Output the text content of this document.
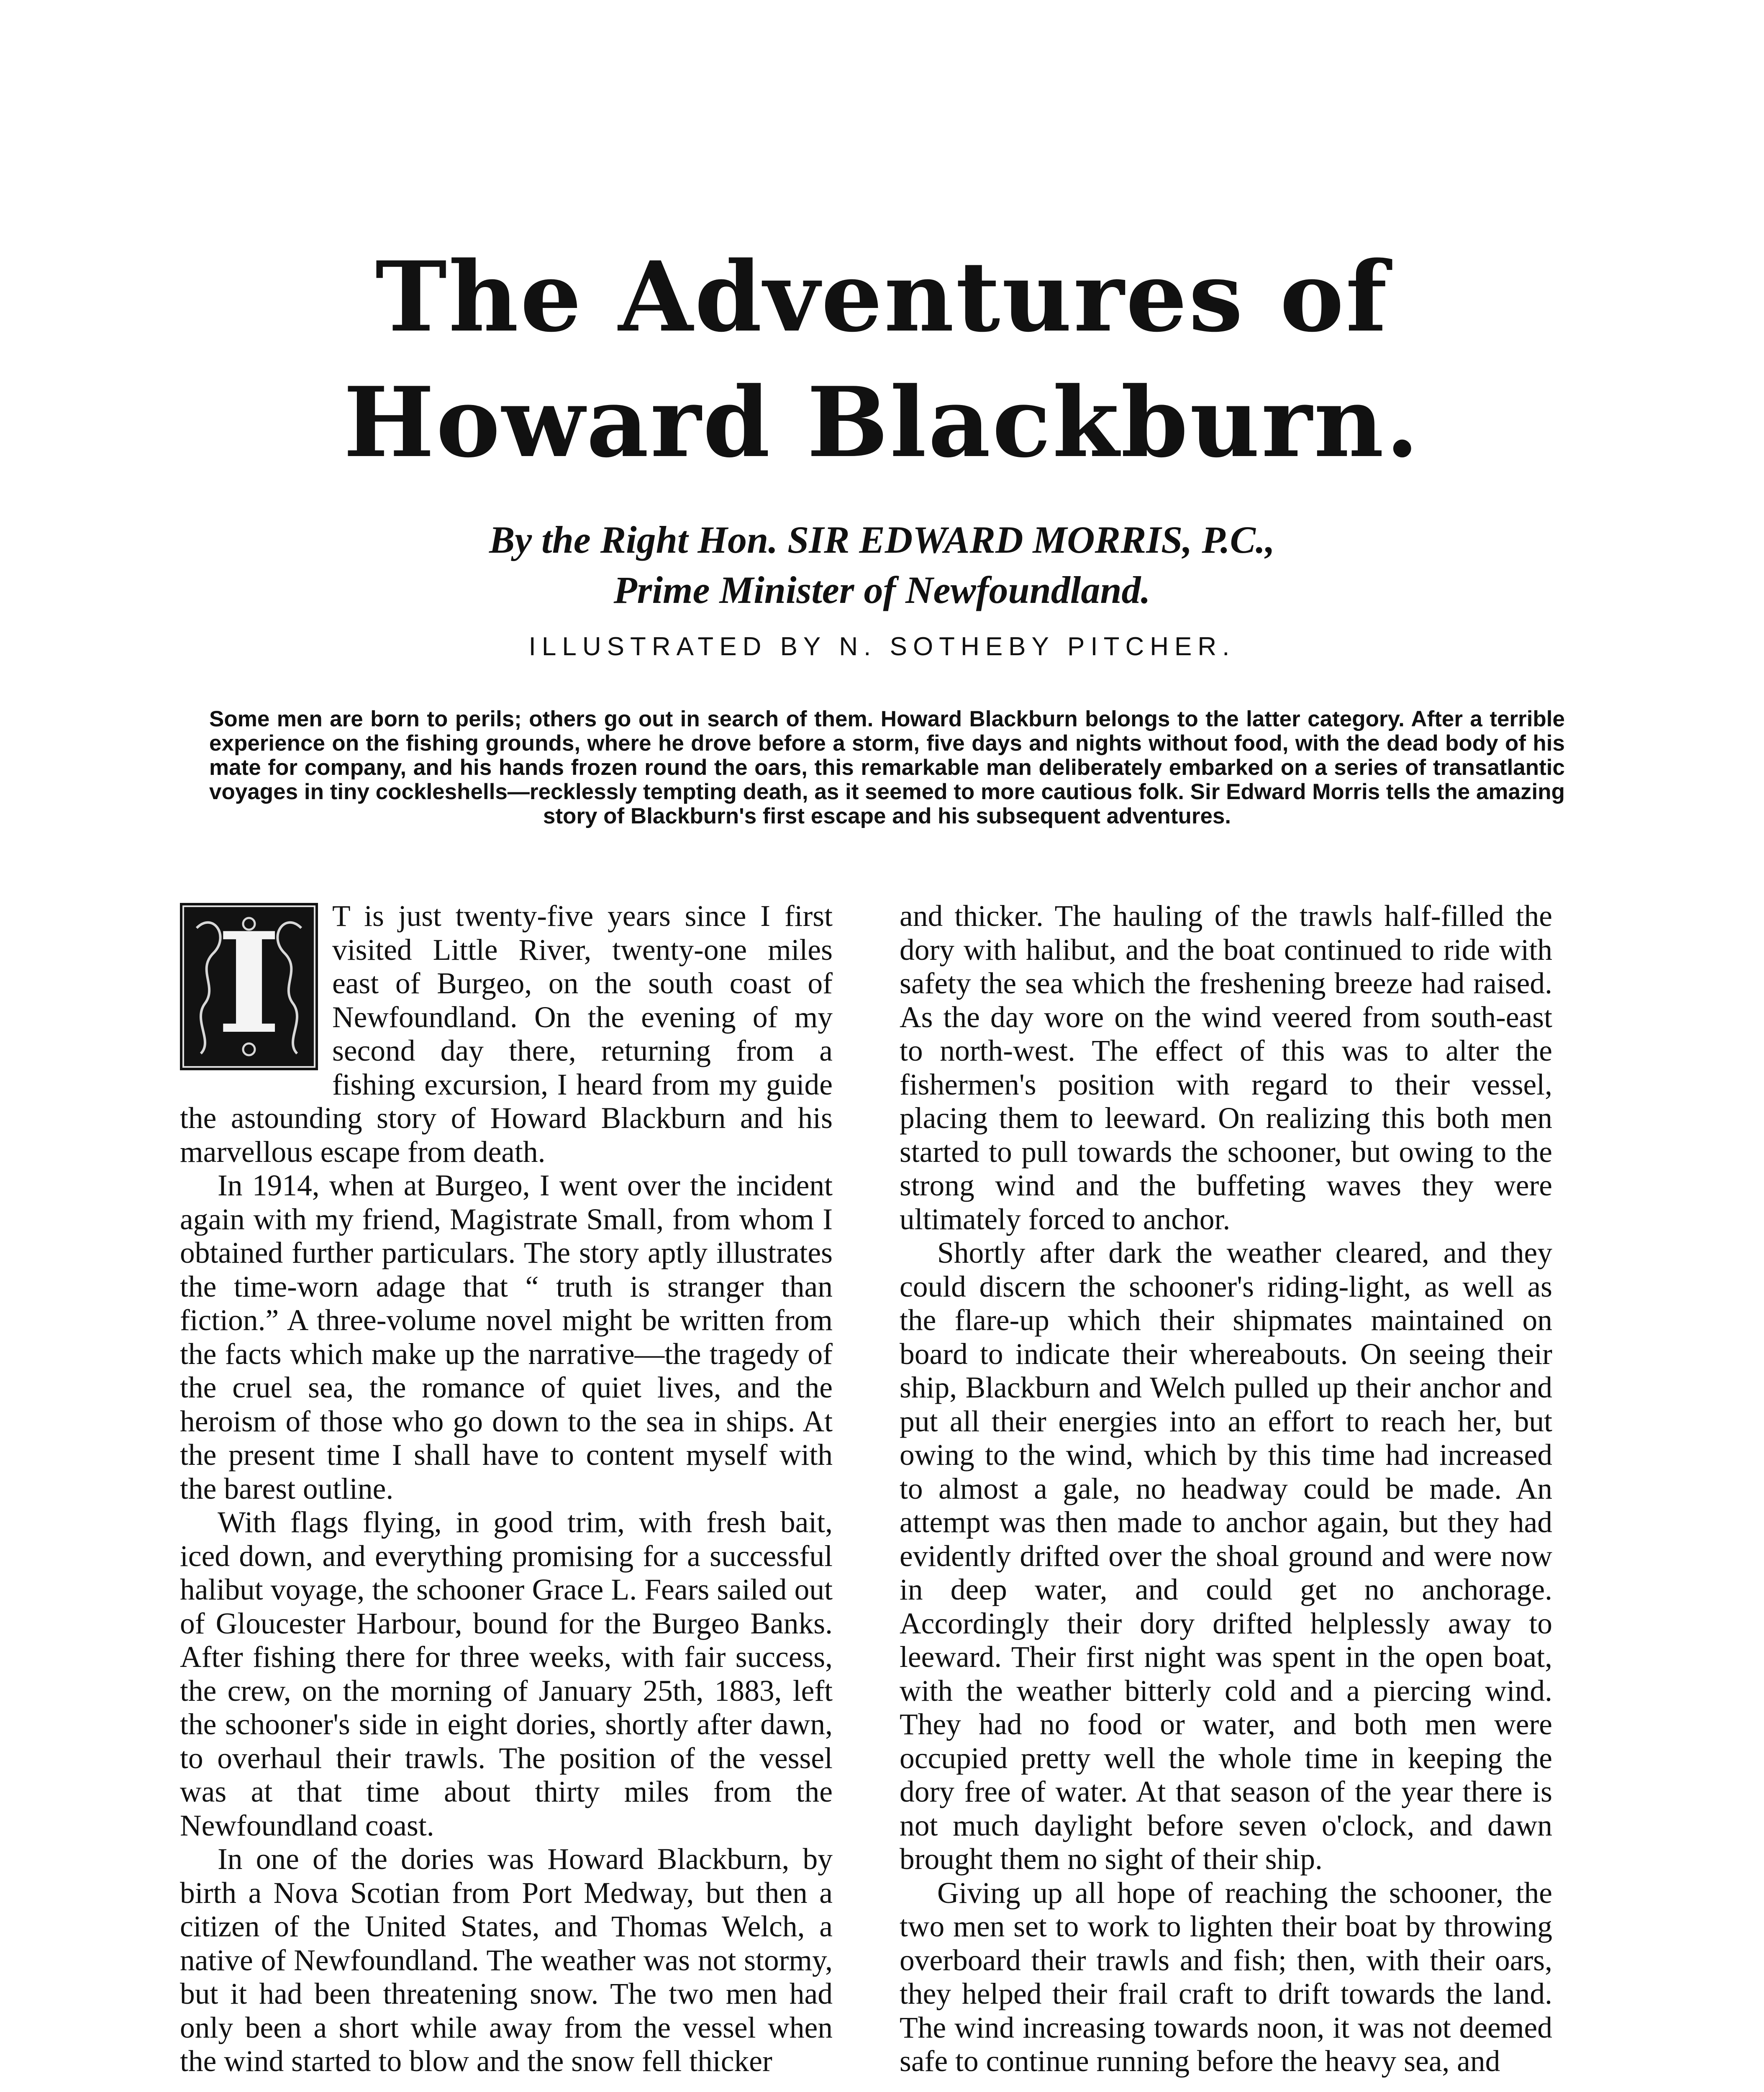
The Adventures of
Howard Blackburn.
By the Right Hon. SIR EDWARD MORRIS, P.C.,
Prime Minister of Newfoundland.
ILLUSTRATED BY N. SOTHEBY PITCHER.
Some men are born to perils; others go out in search of them. Howard Blackburn belongs to the latter category. After a terrible experience on the fishing grounds, where he drove before a storm, five days and nights without food, with the dead body of his mate for company, and his hands frozen round the oars, this remarkable man deliberately embarked on a series of transatlantic voyages in tiny cockleshells—recklessly tempting death, as it seemed to more cautious folk. Sir Edward Morris tells the amazing story of Blackburn's first escape and his subsequent adventures.
I	T is just twenty-five years since I first visited Little River, twenty-one miles east of Burgeo, on the south coast of Newfoundland. On the evening of my second day there, returning from a fishing excursion, I heard from my guide the astounding story of Howard Blackburn and his marvellous escape from death.

In 1914, when at Burgeo, I went over the incident again with my friend, Magistrate Small, from whom I obtained further particulars. The story aptly illustrates the time-worn adage that “ truth is stranger than fiction.” A three-volume novel might be written from the facts which make up the narrative—the tragedy of the cruel sea, the romance of quiet lives, and the heroism of those who go down to the sea in ships. At the present time I shall have to content myself with the barest outline.

With flags flying, in good trim, with fresh bait, iced down, and everything promising for a successful halibut voyage, the schooner Grace L. Fears sailed out of Gloucester Harbour, bound for the Burgeo Banks. After fishing there for three weeks, with fair success, the crew, on the morning of January 25th, 1883, left the schooner's side in eight dories, shortly after dawn, to overhaul their trawls. The position of the vessel was at that time about thirty miles from the Newfoundland coast.

In one of the dories was Howard Blackburn, by birth a Nova Scotian from Port Medway, but then a citizen of the United States, and Thomas Welch, a native of Newfoundland. The weather was not stormy, but it had been threatening snow. The two men had only been a short while away from the vessel when the wind started to blow and the snow fell thicker

and thicker. The hauling of the trawls half-filled the dory with halibut, and the boat continued to ride with safety the sea which the freshening breeze had raised. As the day wore on the wind veered from south-east to north-west. The effect of this was to alter the fishermen's position with regard to their vessel, placing them to leeward. On realizing this both men started to pull towards the schooner, but owing to the strong wind and the buffeting waves they were ultimately forced to anchor.

Shortly after dark the weather cleared, and they could discern the schooner's riding-light, as well as the flare-up which their shipmates maintained on board to indicate their whereabouts. On seeing their ship, Blackburn and Welch pulled up their anchor and put all their energies into an effort to reach her, but owing to the wind, which by this time had increased to almost a gale, no headway could be made. An attempt was then made to anchor again, but they had evidently drifted over the shoal ground and were now in deep water, and could get no anchorage. Accordingly their dory drifted helplessly away to leeward. Their first night was spent in the open boat, with the weather bitterly cold and a piercing wind. They had no food or water, and both men were occupied pretty well the whole time in keeping the dory free of water. At that season of the year there is not much daylight before seven o'clock, and dawn brought them no sight of their ship.

Giving up all hope of reaching the schooner, the two men set to work to lighten their boat by throwing overboard their trawls and fish; then, with their oars, they helped their frail craft to drift towards the land. The wind increasing towards noon, it was not deemed safe to continue running before the heavy sea, and
